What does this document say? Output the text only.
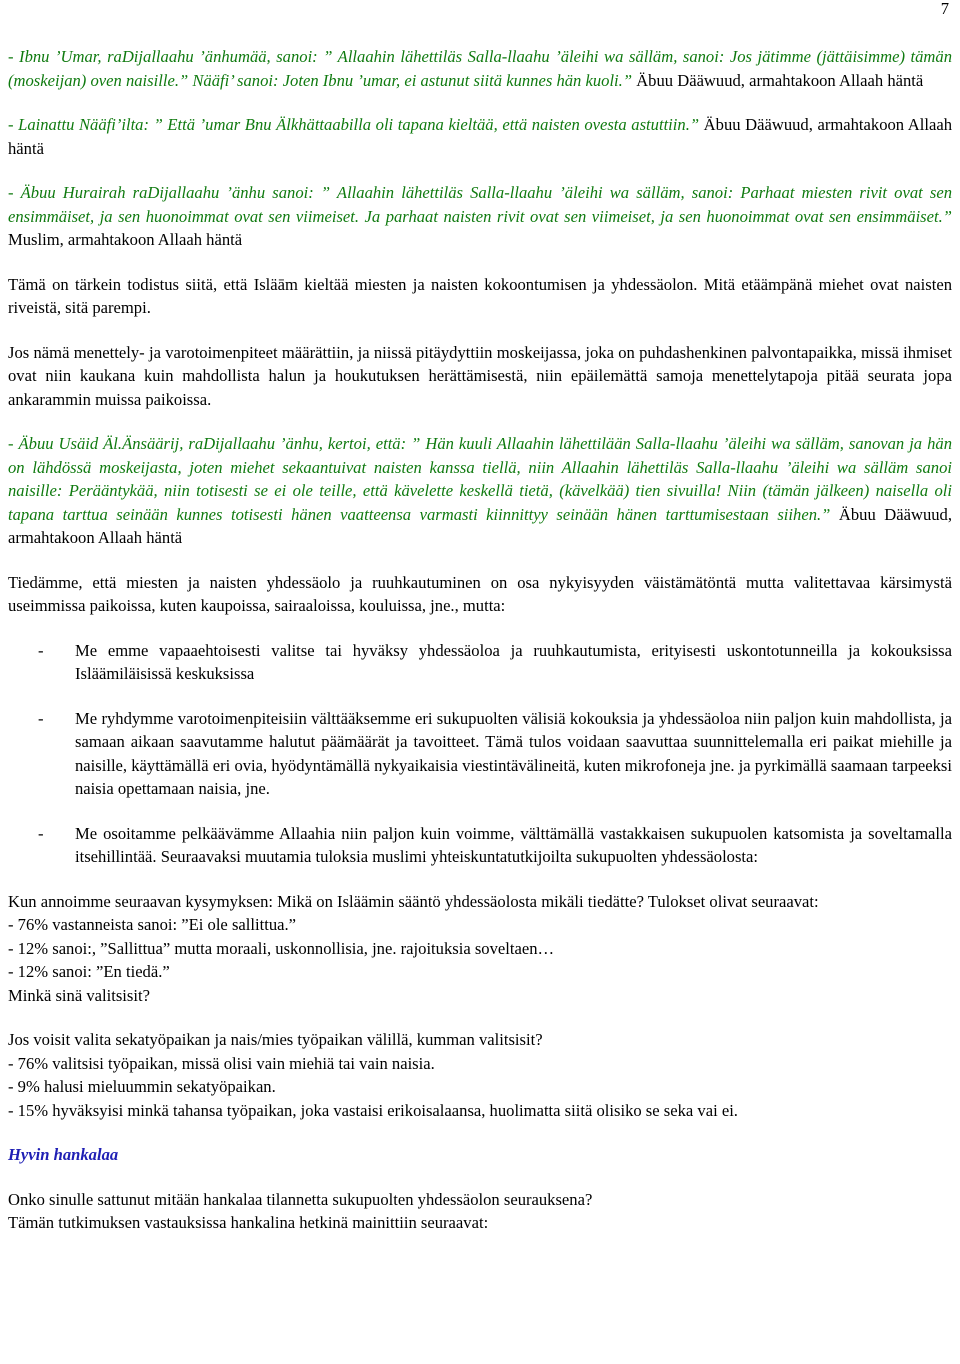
7

- Ibnu ’Umar, raDijallaahu ’änhumää, sanoi: ” Allaahin lähettiläs Salla-llaahu ’äleihi wa sälläm, sanoi: Jos jätimme (jättäisimme) tämän (moskeijan) oven naisille.” Nääfi’ sanoi: Joten Ibnu ’umar, ei astunut siitä kunnes hän kuoli.” Äbuu Dääwuud, armahtakoon Allaah häntä

- Lainattu Nääfi’ilta: ” Että ’umar Bnu Älkhättaabilla oli tapana kieltää, että naisten ovesta astuttiin.” Äbuu Dääwuud, armahtakoon Allaah häntä

- Äbuu Hurairah raDijallaahu ’änhu sanoi: ” Allaahin lähettiläs Salla-llaahu ’äleihi wa sälläm, sanoi: Parhaat miesten rivit ovat sen ensimmäiset, ja sen huonoimmat ovat sen viimeiset. Ja parhaat naisten rivit ovat sen viimeiset, ja sen huonoimmat ovat sen ensimmäiset.” Muslim, armahtakoon Allaah häntä

Tämä on tärkein todistus siitä, että Isläām kieltää miesten ja naisten kokoontumisen ja yhdessäolon. Mitä etäämpänä miehet ovat naisten riveistä, sitä parempi.

Jos nämä menettely- ja varotoimenpiteet määrättiin, ja niissä pitäydyttiin moskeijassa, joka on puhdashenkinen palvontapaikka, missä ihmiset ovat niin kaukana kuin mahdollista halun ja houkutuksen herättämisestä, niin epäilemättä samoja menettelytapoja pitää seurata jopa ankarammin muissa paikoissa.

- Äbuu Usäid Äl.Änsäärij, raDijallaahu ’änhu, kertoi, että: ” Hän kuuli Allaahin lähettilään Salla-llaahu ’äleihi wa sälläm, sanovan ja hän on lähdössä moskeijasta, joten miehet sekaantuivat naisten kanssa tiellä, niin Allaahin lähettiläs Salla-llaahu ’äleihi wa sälläm sanoi naisille: Perääntykää, niin totisesti se ei ole teille, että kävelette keskellä tietä, (kävelkää) tien sivuilla! Niin (tämän jälkeen) naisella oli tapana tarttua seinään kunnes totisesti hänen vaatteensa varmasti kiinnittyy seinään hänen tarttumisestaan siihen.” Äbuu Dääwuud, armahtakoon Allaah häntä

Tiedämme, että miesten ja naisten yhdessäolo ja ruuhkautuminen on osa nykyisyyden väistämätöntä mutta valitettavaa kärsimystä useimmissa paikoissa, kuten kaupoissa, sairaaloissa, kouluissa, jne., mutta:

- Me emme vapaaehtoisesti valitse tai hyväksy yhdessäoloa ja ruuhkautumista, erityisesti uskontotunneilla ja kokouksissa Isläämiläisissä keskuksissa
- Me ryhdymme varotoimenpiteisiin välttääksemme eri sukupuolten välisiä kokouksia ja yhdessäoloa niin paljon kuin mahdollista, ja samaan aikaan saavutamme halutut päämäärät ja tavoitteet. Tämä tulos voidaan saavuttaa suunnittelemalla eri paikat miehille ja naisille, käyttämällä eri ovia, hyödyntämällä nykyaikaisia viestintävälineitä, kuten mikrofoneja jne. ja pyrkimällä saamaan tarpeeksi naisia opettamaan naisia, jne.
- Me osoitamme pelkäävämme Allaahia niin paljon kuin voimme, välttämällä vastakkaisen sukupuolen katsomista ja soveltamalla itsehillintää. Seuraavaksi muutamia tuloksia muslimi yhteiskuntatutkijoilta sukupuolten yhdessäolosta:

Kun annoimme seuraavan kysymyksen: Mikä on Isläämin sääntö yhdessäolosta mikäli tiedätte? Tulokset olivat seuraavat:

- 76% vastanneista sanoi: ”Ei ole sallittua.”
- 12% sanoi:, ”Sallittua” mutta moraali, uskonnollisia, jne. rajoituksia soveltaen…
- 12% sanoi: ”En tiedä.”
Minkä sinä valitsisit?
Jos voisit valita sekatyöpaikan ja nais/mies työpaikan välillä, kumman valitsisit?
- 76% valitsisi työpaikan, missä olisi vain miehiä tai vain naisia.
- 9% halusi mieluummin sekatyöpaikan.
- 15% hyväksyisi minkä tahansa työpaikan, joka vastaisi erikoisalaansa, huolimatta siitä olisiko se seka vai ei.
Hyvin hankalaa
Onko sinulle sattunut mitään hankalaa tilannetta sukupuolten yhdessäolon seurauksena?
Tämän tutkimuksen vastauksissa hankalina hetkinä mainittiin seuraavat:
